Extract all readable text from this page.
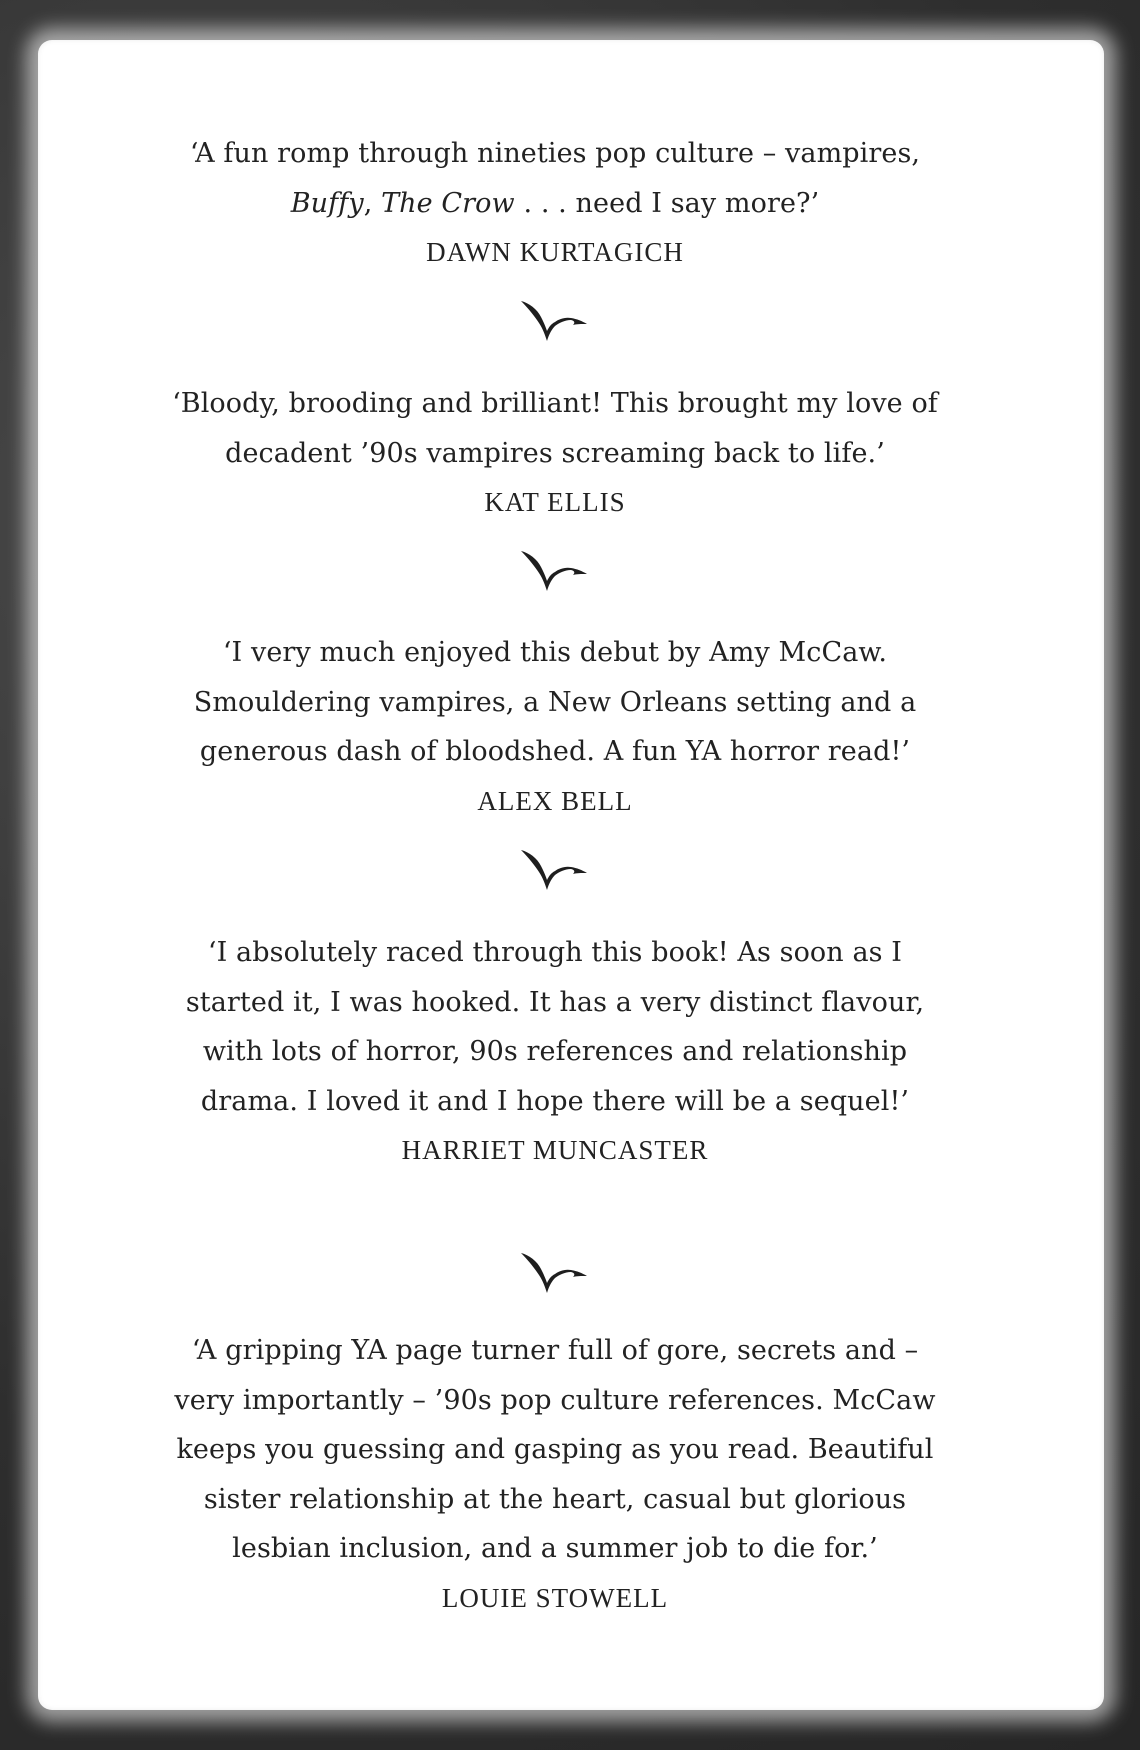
‘A fun romp through nineties pop culture – vampires,

Buffy, The Crow . . . need I say more?’

DAWN KURTAGICH

‘Bloody, brooding and brilliant! This brought my love of

decadent ’90s vampires screaming back to life.’

KAT ELLIS

‘I very much enjoyed this debut by Amy McCaw.

Smouldering vampires, a New Orleans setting and a

generous dash of bloodshed. A fun YA horror read!’

ALEX BELL

‘I absolutely raced through this book! As soon as I

started it, I was hooked. It has a very distinct flavour,

with lots of horror, 90s references and relationship

drama. I loved it and I hope there will be a sequel!’

HARRIET MUNCASTER

‘A gripping YA page turner full of gore, secrets and –

very importantly – ’90s pop culture references. McCaw

keeps you guessing and gasping as you read. Beautiful

sister relationship at the heart, casual but glorious

lesbian inclusion, and a summer job to die for.’

LOUIE STOWELL
